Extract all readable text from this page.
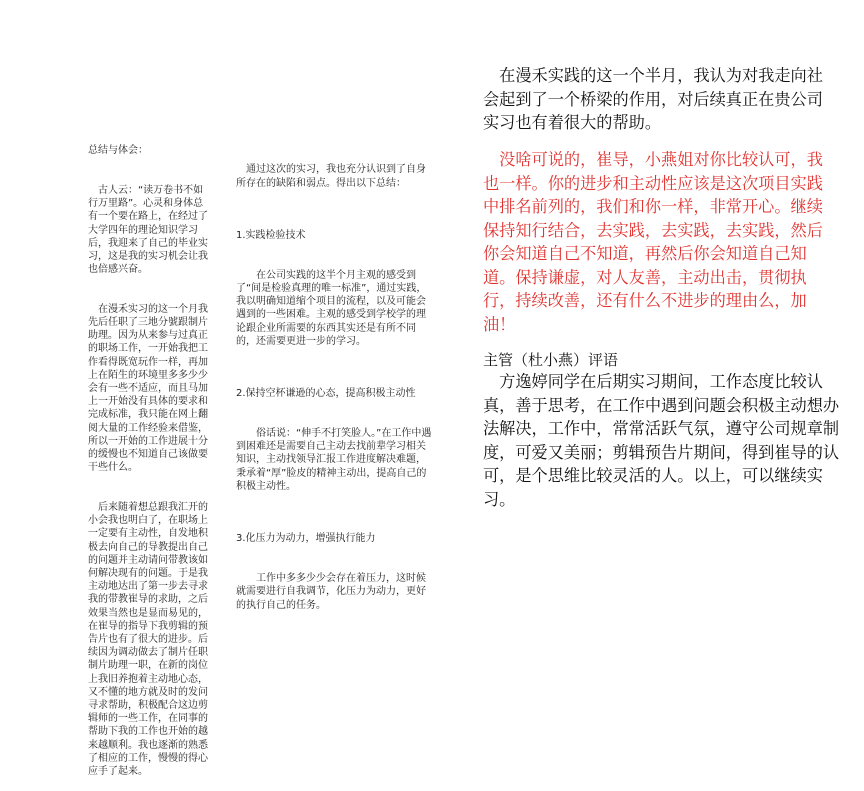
总结与体会：

　古人云：“读万卷书不如行万里路”。心灵和身体总有一个要在路上，在经过了大学四年的理论知识学习后，我迎来了自己的毕业实习，这是我的实习机会让我也倍感兴奋。

　在漫禾实习的这一个月我先后任职了三地分號跟制片助理。因为从来参与过真正的职场工作，一开始我把工作看得既宽玩作一样，再加上在陌生的环境里多多少少会有一些不适应，而且马加上一开始没有具体的要求和完成标准，我只能在网上翻阅大量的工作经验来借鉴，所以一开始的工作进展十分的缓慢也不知道自己该做要干些什么。

　后来随着想总跟我汇开的小会我也明白了，在职场上一定要有主动性，自发地积极去向自己的导教提出自己的问题并主动请问带教该如何解决现有的问题。于是我主动地达出了第一步去寻求我的带教崔导的求助，之后效果当然也是显而易见的，在崔导的指导下我剪辑的预告片也有了很大的进步。后续因为调动做去了制片任职制片助理一职，在新的岗位上我旧养抱着主动地心态，又不懂的地方就及时的发问寻求帮助，积极配合这边剪辑师的一些工作，在同事的帮助下我的工作也开始的越来越顺利。我也逐渐的熟悉了相应的工作，慢慢的得心应手了起来。

　通过这次的实习，我也充分认识到了自身所存在的缺陷和弱点。得出以下总结：

1.实践检验技术

　　在公司实践的这半个月主观的感受到了“间是检验真理的唯一标准”，通过实践，我以明确知道缩个项目的流程，以及可能会遇到的一些困难。主观的感受到学校学的理论跟企业所需要的东西其实还是有所不同的，还需要更进一步的学习。

2.保持空杯谦逊的心态，提高积极主动性

　　俗话说：“伸手不打笑脸人。”在工作中遇到困难还是需要自己主动去找前辈学习相关知识，主动找领导汇报工作进度解决难题，秉承着“厚”脸皮的精神主动出，提高自己的积极主动性。

3.化压力为动力，增强执行能力

　　工作中多多少少会存在着压力，这时候就需要进行自我调节，化压力为动力，更好的执行自己的任务。

　在漫禾实践的这一个半月，我认为对我走向社会起到了一个桥梁的作用，对后续真正在贵公司实习也有着很大的帮助。
　没啥可说的，崔导，小燕姐对你比较认可，我也一样。你的进步和主动性应该是这次项目实践中排名前列的，我们和你一样，非常开心。继续保持知行结合，去实践，去实践，去实践，然后你会知道自己不知道，再然后你会知道自己知道。保持谦虚，对人友善，主动出击，贯彻执行，持续改善，还有什么不进步的理由么，加油！
主管（杜小燕）评语
　方逸婷同学在后期实习期间，工作态度比较认真，善于思考，在工作中遇到问题会积极主动想办法解决，工作中，常常活跃气氛，遵守公司规章制度，可爱又美丽；剪辑预告片期间，得到崔导的认可，是个思维比较灵活的人。以上，可以继续实习。
